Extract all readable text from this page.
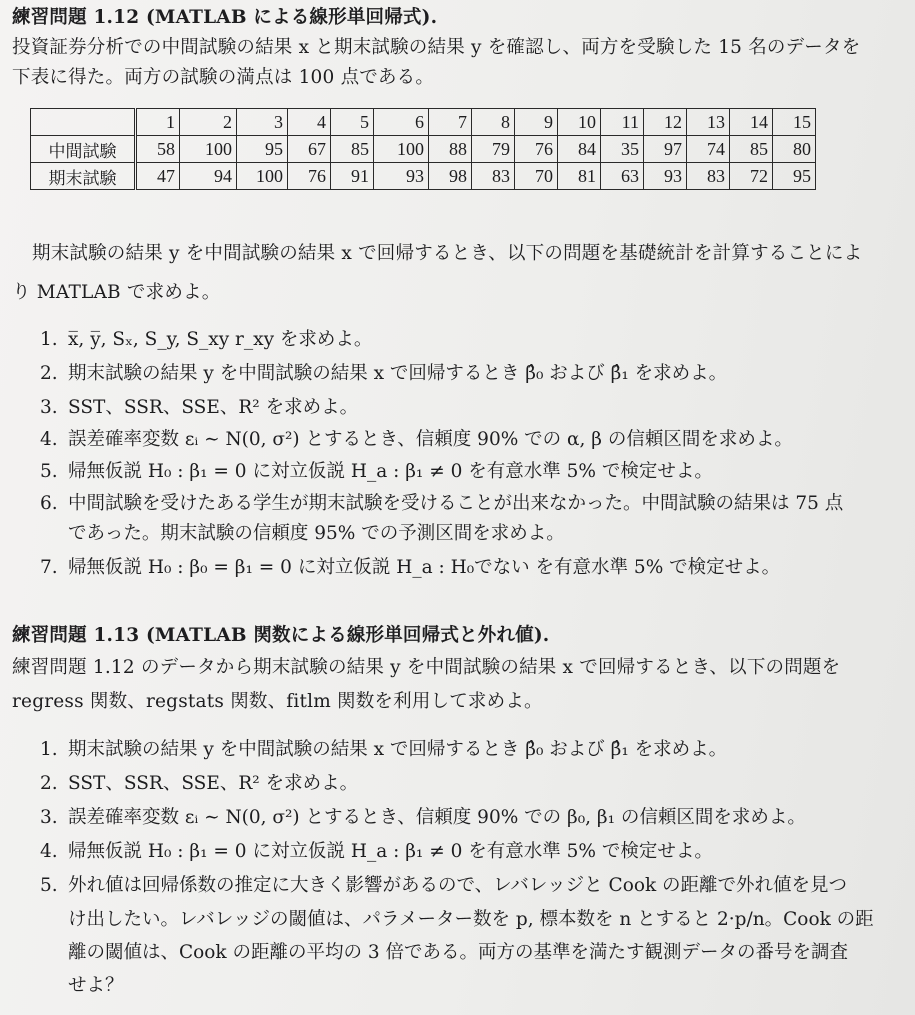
練習問題 1.12 (MATLAB による線形単回帰式).
投資証券分析での中間試験の結果 x と期末試験の結果 y を確認し、両方を受験した 15 名のデータを
下表に得た。両方の試験の満点は 100 点である。
	1	2	3	4	5	6	7	8	9	10	11	12	13	14	15
中間試験	58	100	95	67	85	100	88	79	76	84	35	97	74	85	80
期末試験	47	94	100	76	91	93	98	83	70	81	63	93	83	72	95
期末試験の結果 y を中間試験の結果 x で回帰するとき、以下の問題を基礎統計を計算することによ
り MATLAB で求めよ。
1. x̅, y̅, Sₓ, S_y, S_xy r_xy を求めよ。
2. 期末試験の結果 y を中間試験の結果 x で回帰するとき β̂₀ および β̂₁ を求めよ。
3. SST、SSR、SSE、R² を求めよ。
4. 誤差確率変数 εᵢ ∼ N(0, σ²) とするとき、信頼度 90% での α, β の信頼区間を求めよ。
5. 帰無仮説 H₀ : β₁ = 0 に対立仮説 H_a : β₁ ≠ 0 を有意水準 5% で検定せよ。
6. 中間試験を受けたある学生が期末試験を受けることが出来なかった。中間試験の結果は 75 点
であった。期末試験の信頼度 95% での予測区間を求めよ。
7. 帰無仮説 H₀ : β₀ = β₁ = 0 に対立仮説 H_a : H₀でない を有意水準 5% で検定せよ。
練習問題 1.13 (MATLAB 関数による線形単回帰式と外れ値).
練習問題 1.12 のデータから期末試験の結果 y を中間試験の結果 x で回帰するとき、以下の問題を
regress 関数、regstats 関数、fitlm 関数を利用して求めよ。
1. 期末試験の結果 y を中間試験の結果 x で回帰するとき β̂₀ および β̂₁ を求めよ。
2. SST、SSR、SSE、R² を求めよ。
3. 誤差確率変数 εᵢ ∼ N(0, σ²) とするとき、信頼度 90% での β₀, β₁ の信頼区間を求めよ。
4. 帰無仮説 H₀ : β₁ = 0 に対立仮説 H_a : β₁ ≠ 0 を有意水準 5% で検定せよ。
5. 外れ値は回帰係数の推定に大きく影響があるので、レバレッジと Cook の距離で外れ値を見つ
け出したい。レバレッジの閾値は、パラメーター数を p, 標本数を n とすると 2·p/n。Cook の距
離の閾値は、Cook の距離の平均の 3 倍である。両方の基準を満たす観測データの番号を調査
せよ？
